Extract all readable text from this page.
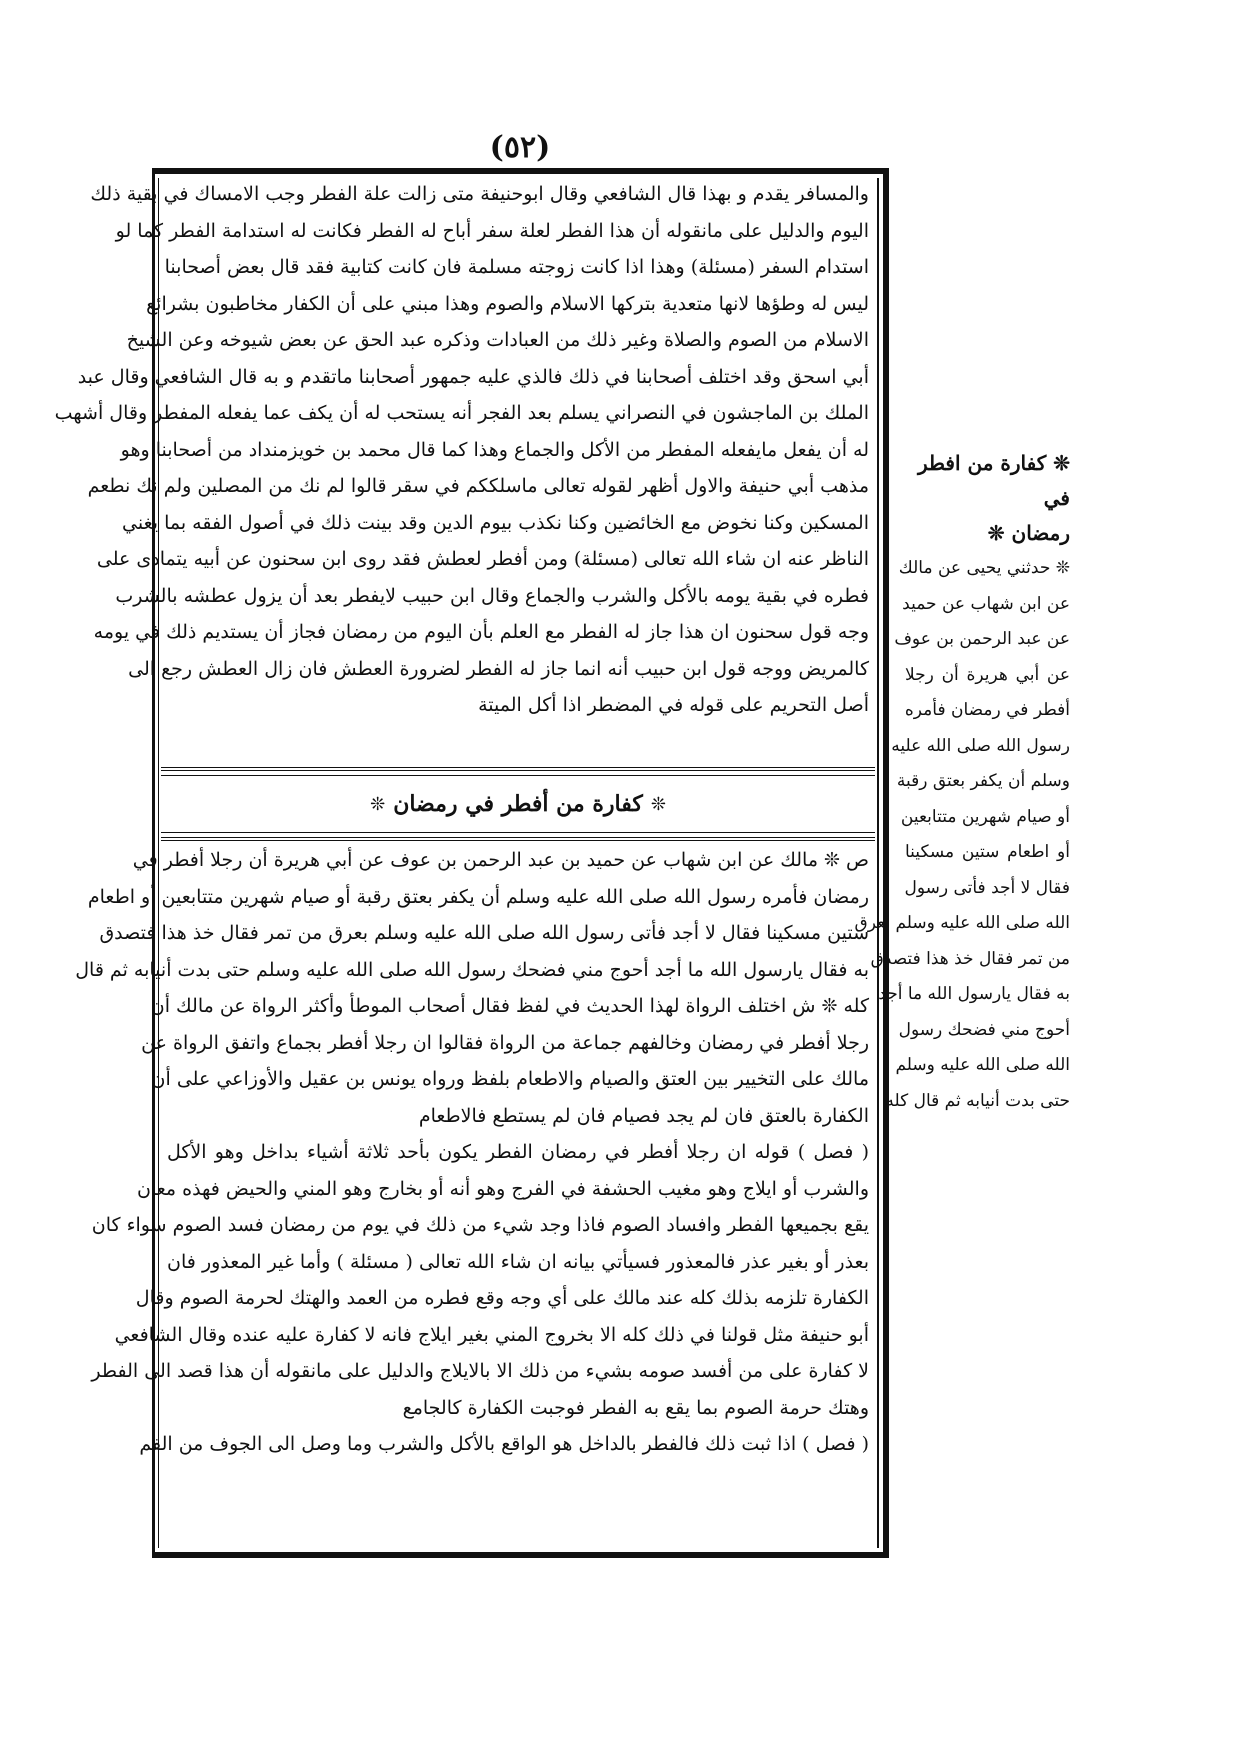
(٥٢)
والمسافر يقدم و بهذا قال الشافعي وقال ابوحنيفة متى زالت علة الفطر وجب الامساك في بقية ذلك
اليوم والدليل على مانقوله أن هذا الفطر لعلة سفر أباح له الفطر فكانت له استدامة الفطر كما لو
استدام السفر (مسئلة) وهذا اذا كانت زوجته مسلمة فان كانت كتابية فقد قال بعض أصحابنا
ليس له وطؤها لانها متعدية بتركها الاسلام والصوم وهذا مبني على أن الكفار مخاطبون بشرائع
الاسلام من الصوم والصلاة وغير ذلك من العبادات وذكره عبد الحق عن بعض شيوخه وعن الشيخ
أبي اسحق وقد اختلف أصحابنا في ذلك فالذي عليه جمهور أصحابنا ماتقدم و به قال الشافعي وقال عبد
الملك بن الماجشون في النصراني يسلم بعد الفجر أنه يستحب له أن يكف عما يفعله المفطر وقال أشهب
له أن يفعل مايفعله المفطر من الأكل والجماع وهذا كما قال محمد بن خويزمنداد من أصحابنا وهو
مذهب أبي حنيفة والاول أظهر لقوله تعالى ماسلككم في سقر قالوا لم نك من المصلين ولم نك نطعم
المسكين وكنا نخوض مع الخائضين وكنا نكذب بيوم الدين وقد بينت ذلك في أصول الفقه بما يغني
الناظر عنه ان شاء الله تعالى (مسئلة) ومن أفطر لعطش فقد روى ابن سحنون عن أبيه يتمادى على
فطره في بقية يومه بالأكل والشرب والجماع وقال ابن حبيب لايفطر بعد أن يزول عطشه بالشرب
وجه قول سحنون ان هذا جاز له الفطر مع العلم بأن اليوم من رمضان فجاز أن يستديم ذلك في يومه
كالمريض ووجه قول ابن حبيب أنه انما جاز له الفطر لضرورة العطش فان زال العطش رجع الى
أصل التحريم على قوله في المضطر اذا أكل الميتة
❊
كفارة من أفطر في رمضان
❊
ص ❊ مالك عن ابن شهاب عن حميد بن عبد الرحمن بن عوف عن أبي هريرة أن رجلا أفطر في
رمضان فأمره رسول الله صلى الله عليه وسلم أن يكفر بعتق رقبة أو صيام شهرين متتابعين أو اطعام
ستين مسكينا فقال لا أجد فأتى رسول الله صلى الله عليه وسلم بعرق من تمر فقال خذ هذا فتصدق
به فقال يارسول الله ما أجد أحوج مني فضحك رسول الله صلى الله عليه وسلم حتى بدت أنيابه ثم قال
كله ❊ ش اختلف الرواة لهذا الحديث في لفظ فقال أصحاب الموطأ وأكثر الرواة عن مالك أن
رجلا أفطر في رمضان وخالفهم جماعة من الرواة فقالوا ان رجلا أفطر بجماع واتفق الرواة عن
مالك على التخيير بين العتق والصيام والاطعام بلفظ ورواه يونس بن عقيل والأوزاعي على أن
الكفارة بالعتق فان لم يجد فصيام فان لم يستطع فالاطعام
( فصل ) قوله ان رجلا أفطر في رمضان الفطر يكون بأحد ثلاثة أشياء بداخل وهو الأكل
والشرب أو ايلاج وهو مغيب الحشفة في الفرج وهو أنه أو بخارج وهو المني والحيض فهذه معان
يقع بجميعها الفطر وافساد الصوم فاذا وجد شيء من ذلك في يوم من رمضان فسد الصوم سواء كان
بعذر أو بغير عذر فالمعذور فسيأتي بيانه ان شاء الله تعالى ( مسئلة ) وأما غير المعذور فان
الكفارة تلزمه بذلك كله عند مالك على أي وجه وقع فطره من العمد والهتك لحرمة الصوم وقال
أبو حنيفة مثل قولنا في ذلك كله الا بخروج المني بغير ايلاج فانه لا كفارة عليه عنده وقال الشافعي
لا كفارة على من أفسد صومه بشيء من ذلك الا بالايلاج والدليل على مانقوله أن هذا قصد الى الفطر
وهتك حرمة الصوم بما يقع به الفطر فوجبت الكفارة كالجامع
( فصل ) اذا ثبت ذلك فالفطر بالداخل هو الواقع بالأكل والشرب وما وصل الى الجوف من الفم
❊ كفارة من افطر في
رمضان ❊
❊ حدثني يحيى عن مالك
عن ابن شهاب عن حميد
عن عبد الرحمن بن عوف
عن أبي هريرة أن رجلا
أفطر في رمضان فأمره
رسول الله صلى الله عليه
وسلم أن يكفر بعتق رقبة
أو صيام شهرين متتابعين
أو اطعام ستين مسكينا
فقال لا أجد فأتى رسول
الله صلى الله عليه وسلم بعرق
من تمر فقال خذ هذا فتصدق
به فقال يارسول الله ما أجد
أحوج مني فضحك رسول
الله صلى الله عليه وسلم
حتى بدت أنيابه ثم قال كله
